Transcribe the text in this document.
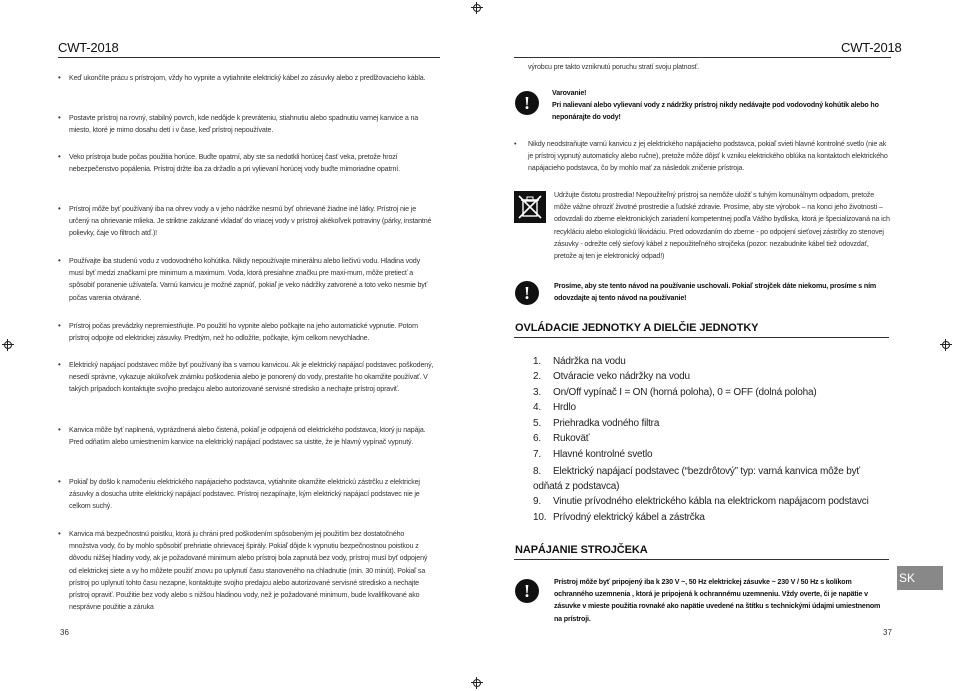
CWT-2018
• Keď ukončíte prácu s prístrojom, vždy ho vypnite a vytiahnite elektrický kábel zo zásuvky alebo z predlžovacieho kábla.
• Postavte prístroj na rovný, stabilný povrch, kde nedôjde k prevráteniu, stiahnutiu alebo spadnutiu varnej kanvice a na miesto, ktoré je mimo dosahu detí i v čase, keď prístroj nepoužívate.
• Veko prístroja bude počas použitia horúce. Buďte opatrní, aby ste sa nedotkli horúcej časť veka, pretože hrozí nebezpečenstvo popálenia. Prístroj držte iba za držadlo a pri vylievaní horúcej vody buďte mimoriadne opatrní.
• Prístroj môže byť používaný iba na ohrev vody a v jeho nádržke nesmú byť ohrievané žiadne iné látky. Prístroj nie je určený na ohrievanie mlieka. Je striktne zakázané vkladať do vriacej vody v prístroji akékoľvek potraviny (párky, instantné polievky, čaje vo filtroch atď.)!
• Používajte iba studenú vodu z vodovodného kohútika. Nikdy nepoužívajte minerálnu alebo liečivú vodu. Hladina vody musí byť medzi značkami pre minimum a maximum. Voda, ktorá presiahne značku pre maxi-mum, môže pretiecť a spôsobiť poranenie užívateľa. Varnú kanvicu je možné zapnúť, pokiaľ je veko nádržky zatvorené a toto veko nesmie byť počas varenia otvárané.
• Prístroj počas prevádzky nepremiestňujte. Po použití ho vypnite alebo počkajte na jeho automatické vypnutie. Potom prístroj odpojte od elektrickej zásuvky. Predtým, než ho odložíte, počkajte, kým celkom nevychladne.
• Elektrický napájací podstavec môže byť používaný iba s varnou kanvicou. Ak je elektrický napájací podstavec poškodený, nesedí správne, vykazuje akúkoľvek známku poškodenia alebo je ponorený do vody, prestaňte ho okamžite používať. V takých prípadoch kontaktujte svojho predajcu alebo autorizované servisné stredisko a nechajte prístroj opraviť.
• Kanvica môže byť naplnená, vyprázdnená alebo čistená, pokiaľ je odpojená od elektrického podstavca, ktorý ju napája. Pred odňatím alebo umiestnením kanvice na elektrický napájací podstavec sa uistite, že je hlavný vypínač vypnutý.
• Pokiaľ by došlo k namočeniu elektrického napájacieho podstavca, vytiahnite okamžite elektrickú zástrčku z elektrickej zásuvky a dosucha utrite elektrický napájací podstavec. Prístroj nezapínajte, kým elektrický napájací podstavec nie je celkom suchý.
• Kanvica má bezpečnostnú poistku, ktorá ju chráni pred poškodením spôsobeným jej použitím bez dostatočného množstva vody, čo by mohlo spôsobiť prehriatie ohrievacej špirály. Pokiaľ dôjde k vypnutiu bezpečnostnou poistkou z dôvodu nižšej hladiny vody, ak je požadované minimum alebo prístroj bola zapnutá bez vody, prístroj musí byť odpojený od elektrickej siete a vy ho môžete použiť znovu po uplynutí času stanoveného na chladnutie (min. 30 minút). Pokiaľ sa prístroj po uplynutí tohto času nezapne, kontaktujte svojho predajcu alebo autorizované servisné stredisko a nechajte prístroj opraviť. Použitie bez vody alebo s nižšou hladinou vody, než je požadované minimum, bude kvalifikované ako nesprávne použitie a záruka
36
CWT-2018
výrobcu pre takto vzniknutú poruchu stratí svoju platnosť.
!	Varovanie!
Pri nalievaní alebo vylievaní vody z nádržky prístroj nikdy nedávajte pod vodovodný kohútik alebo ho neponárajte do vody!
• Nikdy neodstraňujte varnú kanvicu z jej elektrického napájacieho podstavca, pokiaľ svieti hlavné kontrolné svetlo (nie ak je prístroj vypnutý automaticky alebo ručne), pretože môže dôjsť k vzniku elektrického oblúka na kontaktoch elektrického napájacieho podstavca, čo by mohlo mať za následok zničenie prístroja.
Udržujte čistotu prostredia! Nepoužiteľný prístroj sa nemôže uložiť s tuhým komunálnym odpadom, pretože môže vážne ohroziť životné prostredie a ľudské zdravie. Prosíme, aby ste výrobok – na konci jeho životnosti – odovzdali do zberne elektronických zariadení kompetentnej podľa Vášho bydliska, ktorá je špecializovaná na ich recykláciu alebo ekologickú likvidáciu. Pred odovzdaním do zberne - po odpojení sieťovej zástrčky zo stenovej zásuvky - odrežte celý sieťový kábel z nepoužiteľného strojčeka (pozor: nezabudnite kábel tiež odovzdať, pretože aj ten je elektronický odpad!)
!	Prosíme, aby ste tento návod na používanie uschovali. Pokiaľ strojček dáte niekomu, prosíme s ním odovzdajte aj tento návod na používanie!
OVLÁDACIE JEDNOTKY A DIELČIE JEDNOTKY
1. Nádržka na vodu
2. Otváracie veko nádržky na vodu
3. On/Off vypínač I = ON (horná poloha), 0 = OFF (dolná poloha)
4. Hrdlo
5. Priehradka vodného filtra
6. Rukoväť
7. Hlavné kontrolné svetlo
8. Elektrický napájací podstavec (“bezdrôtový” typ: varná kanvica môže byť odňatá z podstavca)
9. Vinutie prívodného elektrického kábla na elektrickom napájacom podstavci
10. Prívodný elektrický kábel a zástrčka
NAPÁJANIE STROJČEKA
!	Prístroj môže byť pripojený iba k 230 V ~, 50 Hz elektrickej zásuvke ~ 230 V / 50 Hz s kolíkom ochranného uzemnenia , ktorá je pripojená k ochrannému uzemneniu. Vždy overte, či je napätie v zásuvke v mieste použitia rovnaké ako napätie uvedené na štítku s technickými údajmi umiestnenom na prístroji.
SK
37
